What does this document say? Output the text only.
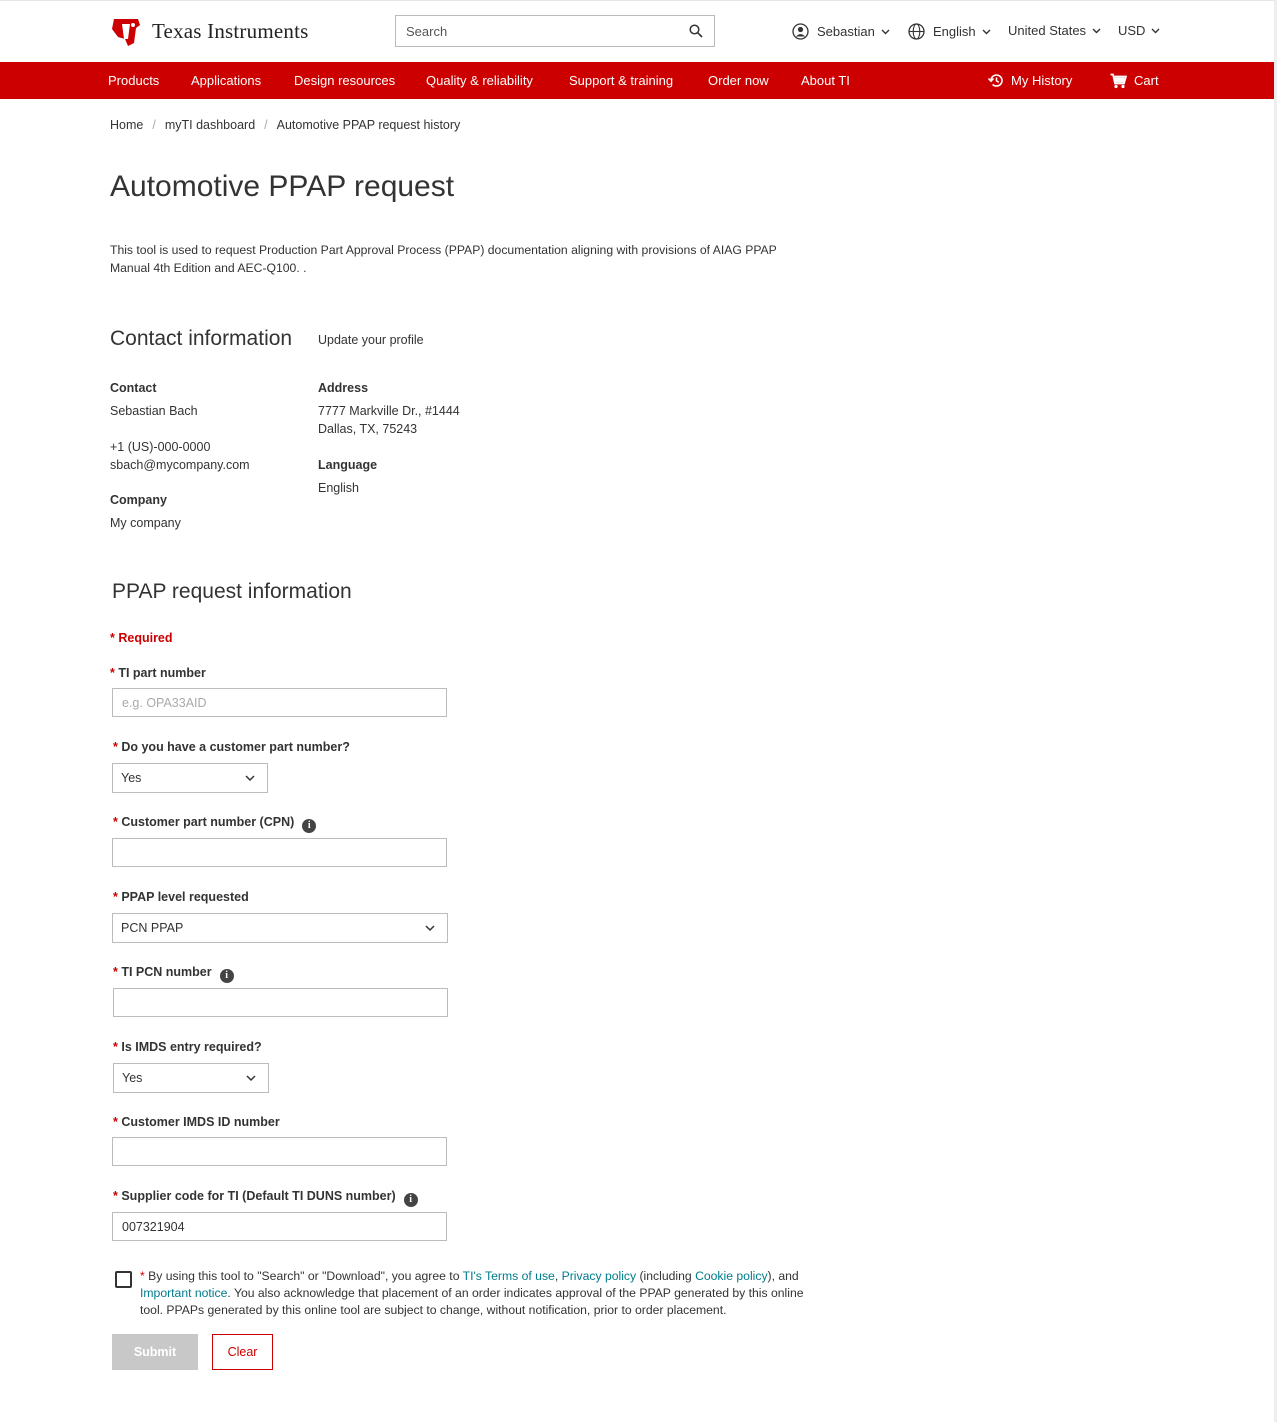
Texas Instruments
Search	Sebastian	English United States USD
Products Applications	Design resources Quality & reliability	Support & training	Order now About TI	My History	Cart
Home / myTI dashboard / Automotive PPAP request history
Automotive PPAP request

This tool is used to request Production Part Approval Process (PPAP) documentation aligning with provisions of AIAG PPAP Manual 4th Edition and AEC-Q100. .

Contact information Update your profile
Contact
Sebastian Bach
+1 (US)-000-0000
sbach@mycompany.com
Company
My company
Address
7777 Markville Dr., #1444
Dallas, TX, 75243
Language
English
PPAP request information
* Required
* TI part number
e.g. OPA33AID
* Do you have a customer part number?
Yes
* Customer part number (CPN) i
* PPAP level requested
PCN PPAP
* TI PCN number i
* Is IMDS entry required?
Yes
* Customer IMDS ID number
* Supplier code for TI (Default TI DUNS number) i
007321904

* By using this tool to "Search" or "Download", you agree to TI's Terms of use, Privacy policy (including Cookie policy), and Important notice. You also acknowledge that placement of an order indicates approval of the PPAP generated by this online tool. PPAPs generated by this online tool are subject to change, without notification, prior to order placement.

Submit	Clear
